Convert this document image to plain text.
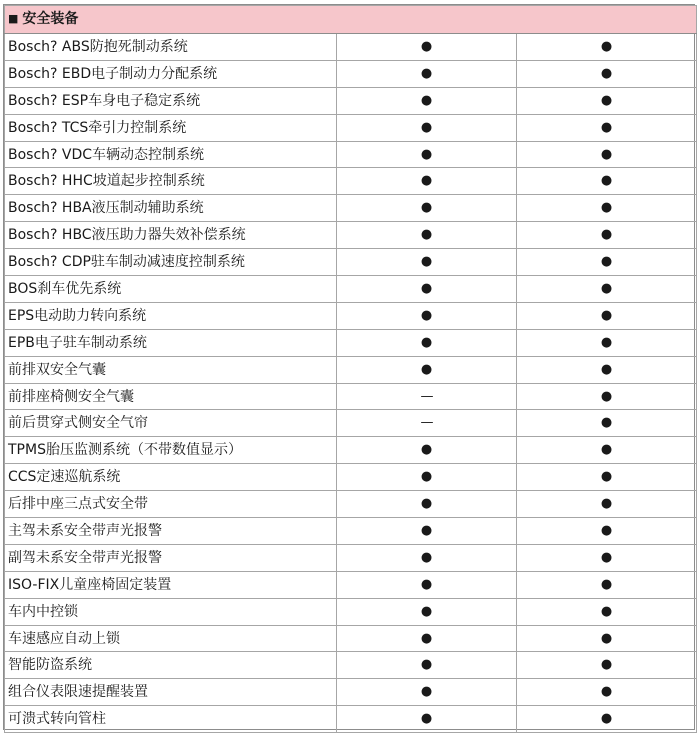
■ 安全装备		
Bosch? ABS防抱死制动系统	●	●
Bosch? EBD电子制动力分配系统	●	●
Bosch? ESP车身电子稳定系统	●	●
Bosch? TCS牵引力控制系统	●	●
Bosch? VDC车辆动态控制系统	●	●
Bosch? HHC坡道起步控制系统	●	●
Bosch? HBA液压制动辅助系统	●	●
Bosch? HBC液压助力器失效补偿系统	●	●
Bosch? CDP驻车制动减速度控制系统	●	●
BOS刹车优先系统	●	●
EPS电动助力转向系统	●	●
EPB电子驻车制动系统	●	●
前排双安全气囊	●	●
前排座椅侧安全气囊	—	●
前后贯穿式侧安全气帘	—	●
TPMS胎压监测系统（不带数值显示）	●	●
CCS定速巡航系统	●	●
后排中座三点式安全带	●	●
主驾未系安全带声光报警	●	●
副驾未系安全带声光报警	●	●
ISO-FIX儿童座椅固定装置	●	●
车内中控锁	●	●
车速感应自动上锁	●	●
智能防盗系统	●	●
组合仪表限速提醒装置	●	●
可溃式转向管柱	●	●
